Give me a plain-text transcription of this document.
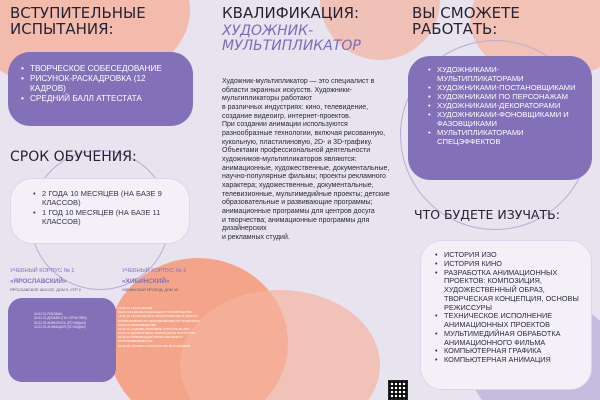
ВСТУПИТЕЛЬНЫЕ
ИСПЫТАНИЯ:
• ТВОРЧЕСКОЕ СОБЕСЕДОВАНИЕ
• РИСУНОК-РАСКАДРОВКА (12 КАДРОВ)
• СРЕДНИЙ БАЛЛ АТТЕСТАТА
СРОК ОБУЧЕНИЯ:
• 2 ГОДА 10 МЕСЯЦЕВ (НА БАЗЕ 9 КЛАССОВ)
• 1 ГОД 10 МЕСЯЦЕВ (НА БАЗЕ 11 КЛАССОВ)
УЧЕБНЫЙ КОРПУС № 1
«ЯРОСЛАВСКИЙ»
ЯРОСЛАВСКОЕ ШОССЕ, ДОМ 5, СТР 2
УЧЕБНЫЙ КОРПУС № 2
«ХИБИНСКИЙ»
ХИБИНСКИЙ ПРОЕЗД, ДОМ 10
42.02.01 РЕКЛАМА
54.02.01 ДИЗАЙН (ПО ОТРАСЛЯМ)
54.02.05 ЖИВОПИСЬ (ПО ВИДАМ)
42.02.02 АНИМАЦИЯ (ПО ВИДАМ)
15.02.15 ТЕХНОЛОГИЯ МЕТАЛЛООБРАБАТЫВАЮЩЕГО ПРОИЗВОДСТВА
15.02.16 ТЕХНИЧЕСКОЕ ОБСЛУЖИВАНИЕ И РЕМОНТ ПРОМЫШЛЕННОГО ОБОРУДОВАНИЯ (ПО ОТРАСЛЯМ)
29.02.04 ПРОИЗВОДСТВО
35.02.12 САДОВО-ПАРКОВОЕ СТРОИТЕЛЬСТВО
54.02.02 ДЕКОРАТИВНО-ПРИКЛАДНОЕ ИСКУССТВО
09.02.07 ИНФОРМАЦИОННЫЕ СИСТЕМЫ И ПРОГРАММИРОВАНИЕ
54.02.08 ТЕХНИКА И ИСКУССТВО ФОТОГРАФИИ
КВАЛИФИКАЦИЯ:
ХУДОЖНИК-
МУЛЬТИПЛИКАТОР
Художник-мультипликатор — это специалист в области экранных искусств. Художники-мультипликаторы работают
в различных индустриях: кино, телевидение, создание видеоигр, интернет-проектов.
При создании анимации используются разнообразные технологии, включая рисованную, кукольную, пластилиновую, 2D- и 3D-графику.
Объектами профессиональной деятельности художников-мультипликаторов являются: анимационные, художественные, документальные, научно-популярные фильмы; проекты рекламного характера; художественные, документальные, телевизионные, мультимедийные проекты; детские образовательные и развивающие программы; анимационные программы для центров досуга
и творчества; анимационные программы для дизайнерских
и рекламных студий.
ВЫ СМОЖЕТЕ
РАБОТАТЬ:
• ХУДОЖНИКАМИ-МУЛЬТИПЛИКАТОРАМИ
• ХУДОЖНИКАМИ-ПОСТАНОВЩИКАМИ
• ХУДОЖНИКАМИ ПО ПЕРСОНАЖАМ
• ХУДОЖНИКАМИ-ДЕКОРАТОРАМИ
• ХУДОЖНИКАМИ-ФОНОВЩИКАМИ И ФАЗОВЩИКАМИ
• МУЛЬТИПЛИКАТОРАМИ СПЕЦЭФФЕКТОВ
ЧТО БУДЕТЕ ИЗУЧАТЬ:
• ИСТОРИЯ ИЗО
• ИСТОРИЯ КИНО
• РАЗРАБОТКА АНИМАЦИОННЫХ ПРОЕКТОВ: КОМПОЗИЦИЯ, ХУДОЖЕСТВЕННЫЙ ОБРАЗ, ТВОРЧЕСКАЯ КОНЦЕПЦИЯ, ОСНОВЫ РЕЖИССУРЫ
• ТЕХНИЧЕСКОЕ ИСПОЛНЕНИЕ АНИМАЦИОННЫХ ПРОЕКТОВ
• МУЛЬТИМЕДИЙНАЯ ОБРАБОТКА АНИМАЦИОННОГО ФИЛЬМА
• КОМПЬЮТЕРНАЯ ГРАФИКА
• КОМПЬЮТЕРНАЯ АНИМАЦИЯ
